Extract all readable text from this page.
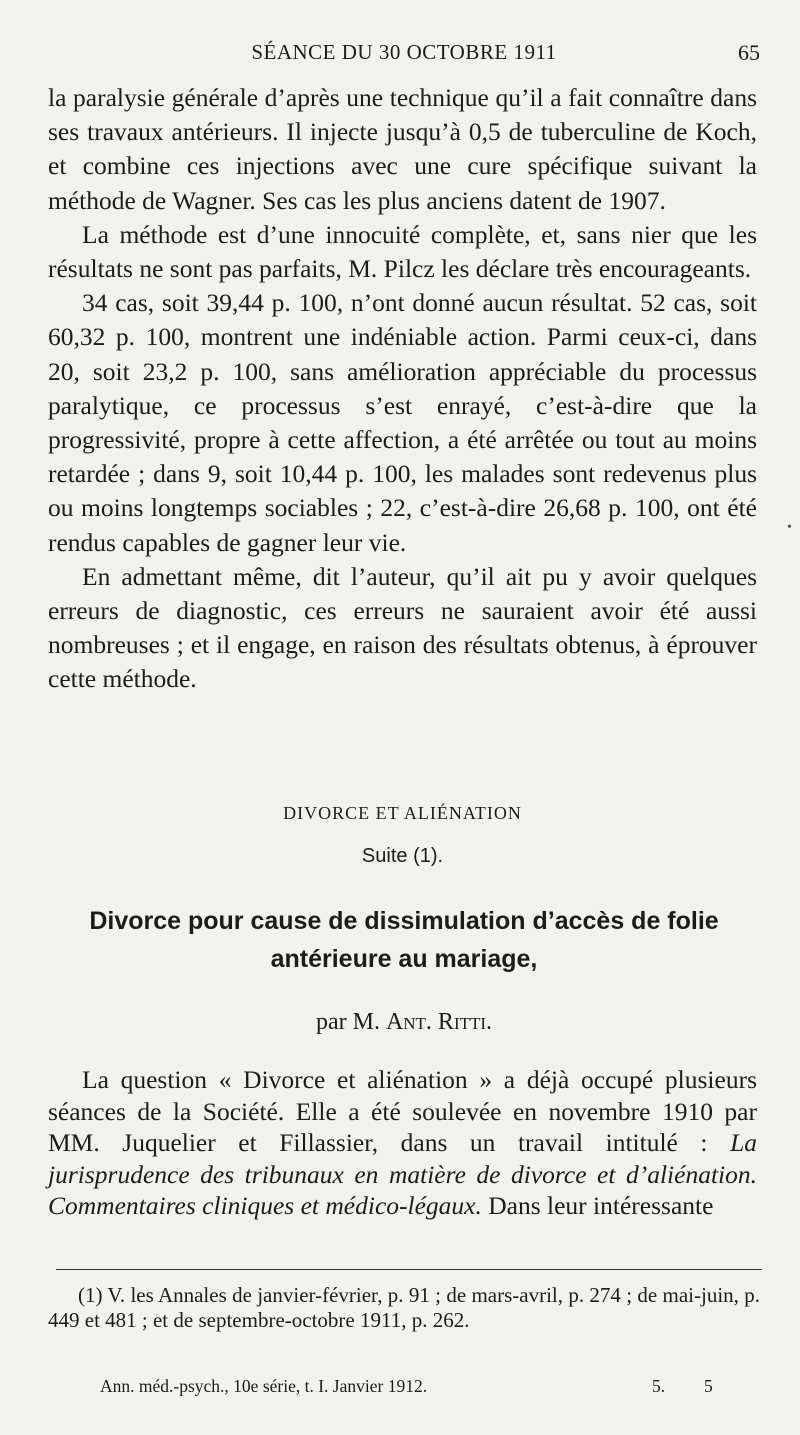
SÉANCE DU 30 OCTOBRE 1911	65

la paralysie générale d’après une technique qu’il a fait connaître dans ses travaux antérieurs. Il injecte jusqu’à 0,5 de tuberculine de Koch, et combine ces injections avec une cure spécifique suivant la méthode de Wagner. Ses cas les plus anciens datent de 1907.

La méthode est d’une innocuité complète, et, sans nier que les résultats ne sont pas parfaits, M. Pilcz les déclare très encourageants.

34 cas, soit 39,44 p. 100, n’ont donné aucun résultat. 52 cas, soit 60,32 p. 100, montrent une indéniable action. Parmi ceux-ci, dans 20, soit 23,2 p. 100, sans amélioration appréciable du processus paralytique, ce processus s’est enrayé, c’est-à-dire que la progressivité, propre à cette affection, a été arrêtée ou tout au moins retardée ; dans 9, soit 10,44 p. 100, les malades sont redevenus plus ou moins longtemps sociables ; 22, c’est-à-dire 26,68 p. 100, ont été rendus capables de gagner leur vie.

En admettant même, dit l’auteur, qu’il ait pu y avoir quelques erreurs de diagnostic, ces erreurs ne sauraient avoir été aussi nombreuses ; et il engage, en raison des résultats obtenus, à éprouver cette méthode.

DIVORCE ET ALIÉNATION
Suite (1).
Divorce pour cause de dissimulation d’accès de folie antérieure au mariage,
par M. Ant. Ritti.

La question « Divorce et aliénation » a déjà occupé plusieurs séances de la Société. Elle a été soulevée en novembre 1910 par MM. Juquelier et Fillassier, dans un travail intitulé : La jurisprudence des tribunaux en matière de divorce et d’aliénation. Commentaires cliniques et médico-légaux. Dans leur intéressante

(1) V. les Annales de janvier-février, p. 91 ; de mars-avril, p. 274 ; de mai-juin, p. 449 et 481 ; et de septembre-octobre 1911, p. 262.

Ann. méd.-psych., 10e série, t. I. Janvier 1912.	5. 5
•
